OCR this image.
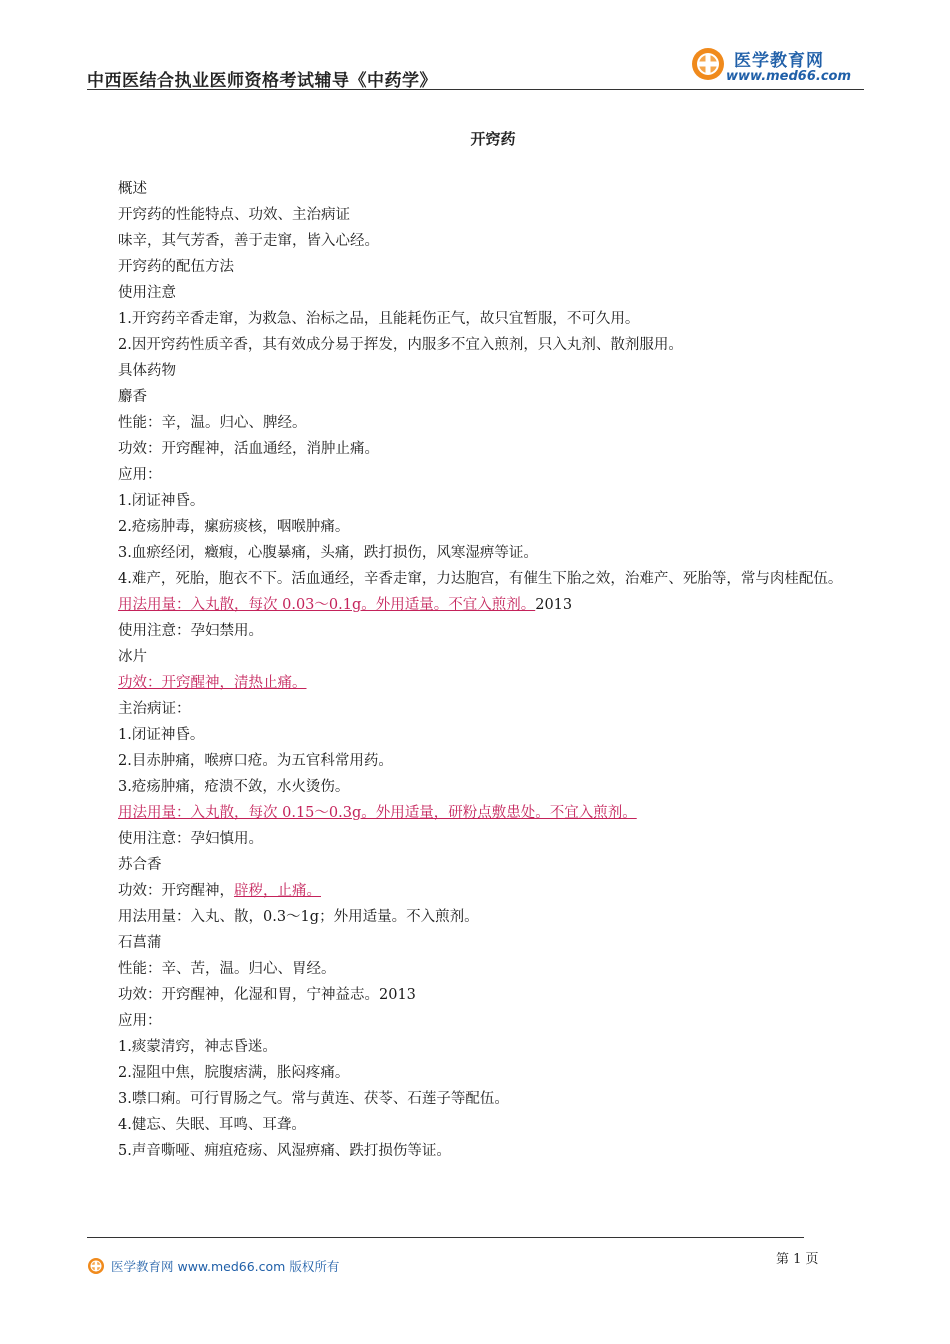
中西医结合执业医师资格考试辅导《中药学》
医学教育网
www.med66.com
开窍药
概述
开窍药的性能特点、功效、主治病证
味辛，其气芳香，善于走窜，皆入心经。
开窍药的配伍方法
使用注意
1.开窍药辛香走窜，为救急、治标之品，且能耗伤正气，故只宜暂服，不可久用。
2.因开窍药性质辛香，其有效成分易于挥发，内服多不宜入煎剂，只入丸剂、散剂服用。
具体药物
麝香
性能：辛，温。归心、脾经。
功效：开窍醒神，活血通经，消肿止痛。
应用：
1.闭证神昏。
2.疮疡肿毒，瘰疬痰核，咽喉肿痛。
3.血瘀经闭，癥瘕，心腹暴痛，头痛，跌打损伤，风寒湿痹等证。
4.难产，死胎，胞衣不下。活血通经，辛香走窜，力达胞宫，有催生下胎之效，治难产、死胎等，常与肉桂配伍。
用法用量：入丸散，每次 0.03～0.1g。外用适量。不宜入煎剂。2013
使用注意：孕妇禁用。
冰片
功效：开窍醒神，清热止痛。
主治病证：
1.闭证神昏。
2.目赤肿痛，喉痹口疮。为五官科常用药。
3.疮疡肿痛，疮溃不敛，水火烫伤。
用法用量：入丸散，每次 0.15～0.3g。外用适量，研粉点敷患处。不宜入煎剂。
使用注意：孕妇慎用。
苏合香
功效：开窍醒神，辟秽，止痛。
用法用量：入丸、散，0.3～1g；外用适量。不入煎剂。
石菖蒲
性能：辛、苦，温。归心、胃经。
功效：开窍醒神，化湿和胃，宁神益志。2013
应用：
1.痰蒙清窍，神志昏迷。
2.湿阻中焦，脘腹痞满，胀闷疼痛。
3.噤口痢。可行胃肠之气。常与黄连、茯苓、石莲子等配伍。
4.健忘、失眠、耳鸣、耳聋。
5.声音嘶哑、痈疽疮疡、风湿痹痛、跌打损伤等证。
医学教育网 www.med66.com 版权所有	第 1 页
